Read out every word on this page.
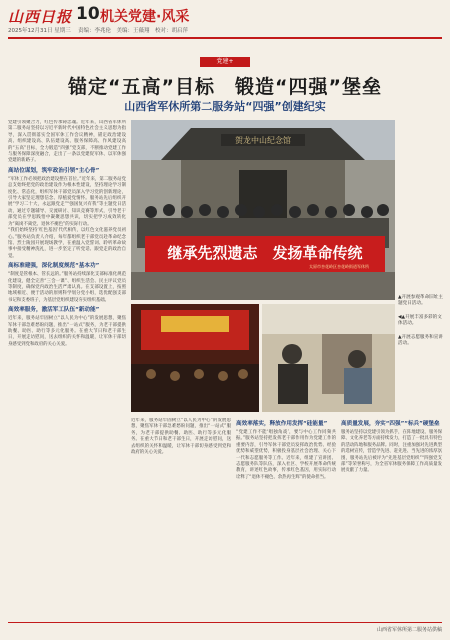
山西日报 10 机关党建·风采
2025年12月31日 星期三 　责编：李兆伦　美编：王薇翔　校对：胡启萍
党建+
锚定“五高”目标　锻造“四强”堡垒
山西省军休所第二服务站“四强”创建纪实

党建引领聚合力，红色传承铸忠魂。近年来，山西省军休所第二服务站坚持以习近平新时代中国特色社会主义思想为指导，深入贯彻落实全国军休工作会议精神，锚定政治建设高、组织建设高、队伍建设高、服务保障高、作风建设高的“五高”目标，全力锻造“四强”党支部，不断推动党建工作与服务保障深度融合，走出了一条以党建促军休、以军休强党建的新路子。

高站位谋划，筑牢政治引领“主心骨”

“军休工作必须把政治建设摆在首位。”近年来，第二服务站党总支始终把党的政治建设作为根本性建设，坚持理论学习制度化、常态化，组织军休干部党员深入学习党的创新理论，引导大家坚定理想信念、厚植爱党情怀。服务站先后组织开展“学习二十大，永远跟党走”“强国复兴有我”等主题党日活动，通过专题辅导、交流研讨、知识竞赛等形式，引导老干部党员在学思践悟中凝聚思想共识，切实把学习成效转化为“离岗不离党、退休不褪色”的实际行动。

“我们始终坚持‘红色基因’代代相传，以红色文化滋养党员初心。”服务站负责人介绍，每年都组织老干部党员赴革命纪念馆、烈士陵园开展现场教学，在重温入党誓词、聆听革命故事中接受精神洗礼，进一步坚定了听党话、跟党走的政治自觉。

高标准建强，深化制度规范“基本功”

“制度是管根本、管长远的。”服务站持续深化支部标准化规范化建设，健全完善“三会一课”、组织生活会、民主评议党员等制度，确保党内政治生活严肃认真。在支部设置上，按照地域相近、便于活动的原则科学划分党小组，选优配强支部书记和支委班子，为基层党组织建设夯实组织基础。

高效率服务，激活军工队伍“新动能”

近年来，服务站牢固树立“以人民为中心”的发展思想，聚焦军休干部急难愁盼问题，推出“一站式”服务，为老干部提供助餐、助医、助行等多元化服务。在重大节日和老干部生日，开展走访慰问，送去组织的关怀和温暖，让军休干部切身感受到党和政府的关心关爱。

贺龙中山纪念馆
继承先烈遗志　发扬革命传统
太原市杏花岭区杏花岭街道军休所
▲开展参观革命旧址主题党日活动。
◀▲开展丰富多彩的文体活动。
▲开展志愿服务和宣讲活动。

近年来，服务站牢固树立“以人民为中心”的发展思想，聚焦军休干部急难愁盼问题，推出“一站式”服务，为老干部提供助餐、助医、助行等多元化服务。在重大节日和老干部生日，开展走访慰问，送去组织的关怀和温暖，让军休干部切身感受到党和政府的关心关爱。

高效率落实，释放作用发挥“硅能量”

“党建工作不能‘唱独角戏’，要与中心工作同频共振。”服务站坚持把发挥老干部作用作为党建工作的重要内容，引导军休干部党员发挥政治优势、经验优势和威望优势，积极投身基层社会治理、关心下一代和志愿服务等工作。近年来，组建了宣讲团、志愿服务队等队伍，深入社区、学校开展革命传统教育，讲述红色故事，传承红色基因，用实际行动诠释了“退休不褪色、余热再生辉”的使命担当。

高质量发展，夯实“四强”“标兵”硬堡垒

服务站坚持以党建引领为抓手，在阵地建设、服务保障、文化养老等方面持续发力，打造了一批具有特色的活动阵地和服务品牌。同时，注重加强对先进典型的选树宣传，营造学先进、赶先进、当先进的浓厚氛围，服务站先后被评为“先进基层党组织”“四强党支部”等荣誉称号，为全省军休服务保障工作高质量发展贡献了力量。

山西省军休所第二服务站供稿
